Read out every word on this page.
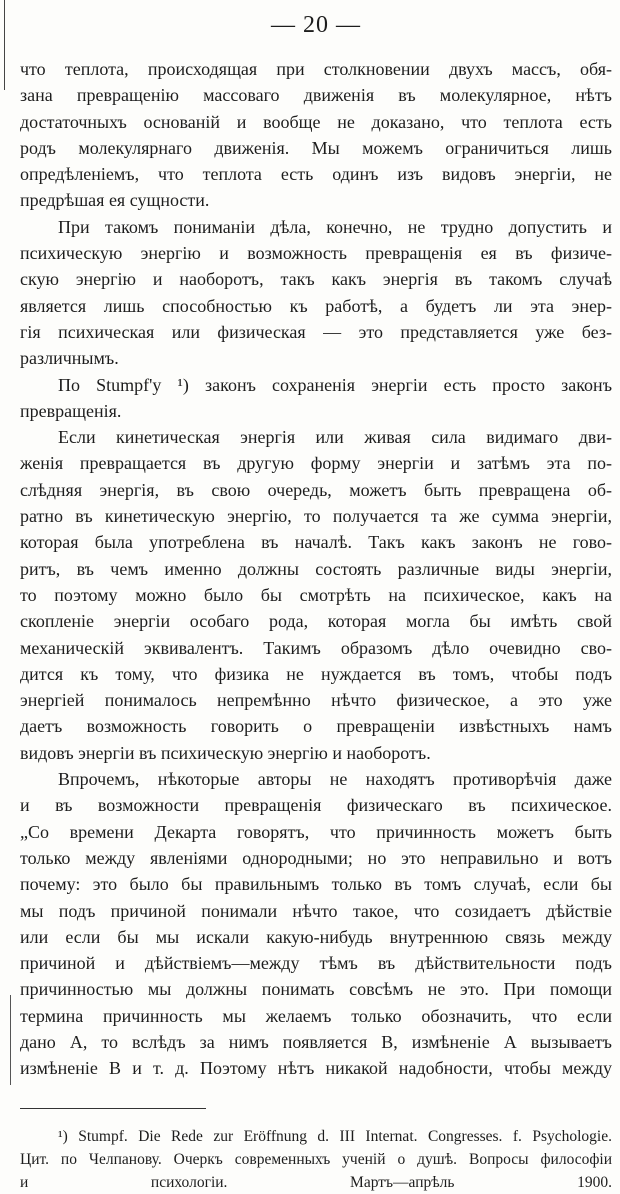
— 20 —
что теплота, происходящая при столкновении двухъ массъ, обя-
зана превращенію массоваго движенія въ молекулярное, нѣтъ
достаточныхъ основаній и вообще не доказано, что теплота есть
родъ молекулярнаго движенія. Мы можемъ ограничиться лишь
опредѣленіемъ, что теплота есть одинъ изъ видовъ энергіи, не
предрѣшая ея сущности.
При такомъ пониманіи дѣла, конечно, не трудно допустить и
психическую энергію и возможность превращенія ея въ физиче-
скую энергію и наоборотъ, такъ какъ энергія въ такомъ случаѣ
является лишь способностью къ работѣ, а будетъ ли эта энер-
гія психическая или физическая — это представляется уже без-
различнымъ.
По Stumpf'у ¹) законъ сохраненія энергіи есть просто законъ
превращенія.
Если кинетическая энергія или живая сила видимаго дви-
женія превращается въ другую форму энергіи и затѣмъ эта по-
слѣдняя энергія, въ свою очередь, можетъ быть превращена об-
ратно въ кинетическую энергію, то получается та же сумма энергіи,
которая была употреблена въ началѣ. Такъ какъ законъ не гово-
ритъ, въ чемъ именно должны состоять различные виды энергіи,
то поэтому можно было бы смотрѣть на психическое, какъ на
скопленіе энергіи особаго рода, которая могла бы имѣть свой
механическій эквивалентъ. Такимъ образомъ дѣло очевидно сво-
дится къ тому, что физика не нуждается въ томъ, чтобы подъ
энергіей понималось непремѣнно нѣчто физическое, а это уже
даетъ возможность говорить о превращеніи извѣстныхъ намъ
видовъ энергіи въ психическую энергію и наоборотъ.
Впрочемъ, нѣкоторые авторы не находятъ противорѣчія даже
и въ возможности превращенія физическаго въ психическое.
„Со времени Декарта говорятъ, что причинность можетъ быть
только между явленіями однородными; но это неправильно и вотъ
почему: это было бы правильнымъ только въ томъ случаѣ, если бы
мы подъ причиной понимали нѣчто такое, что созидаетъ дѣйствіе
или если бы мы искали какую-нибудь внутреннюю связь между
причиной и дѣйствіемъ—между тѣмъ въ дѣйствительности подъ
причинностью мы должны понимать совсѣмъ не это. При помощи
термина причинность мы желаемъ только обозначить, что если
дано А, то вслѣдъ за нимъ появляется В, измѣненіе А вызываетъ
измѣненіе В и т. д. Поэтому нѣтъ никакой надобности, чтобы между
¹) Stumpf. Die Rede zur Eröffnung d. III Internat. Congresses. f. Psychologie.
Цит. по Челпанову. Очеркъ современныхъ ученій о душѣ. Вопросы философіи
и психологіи. Мартъ—апрѣль 1900.
